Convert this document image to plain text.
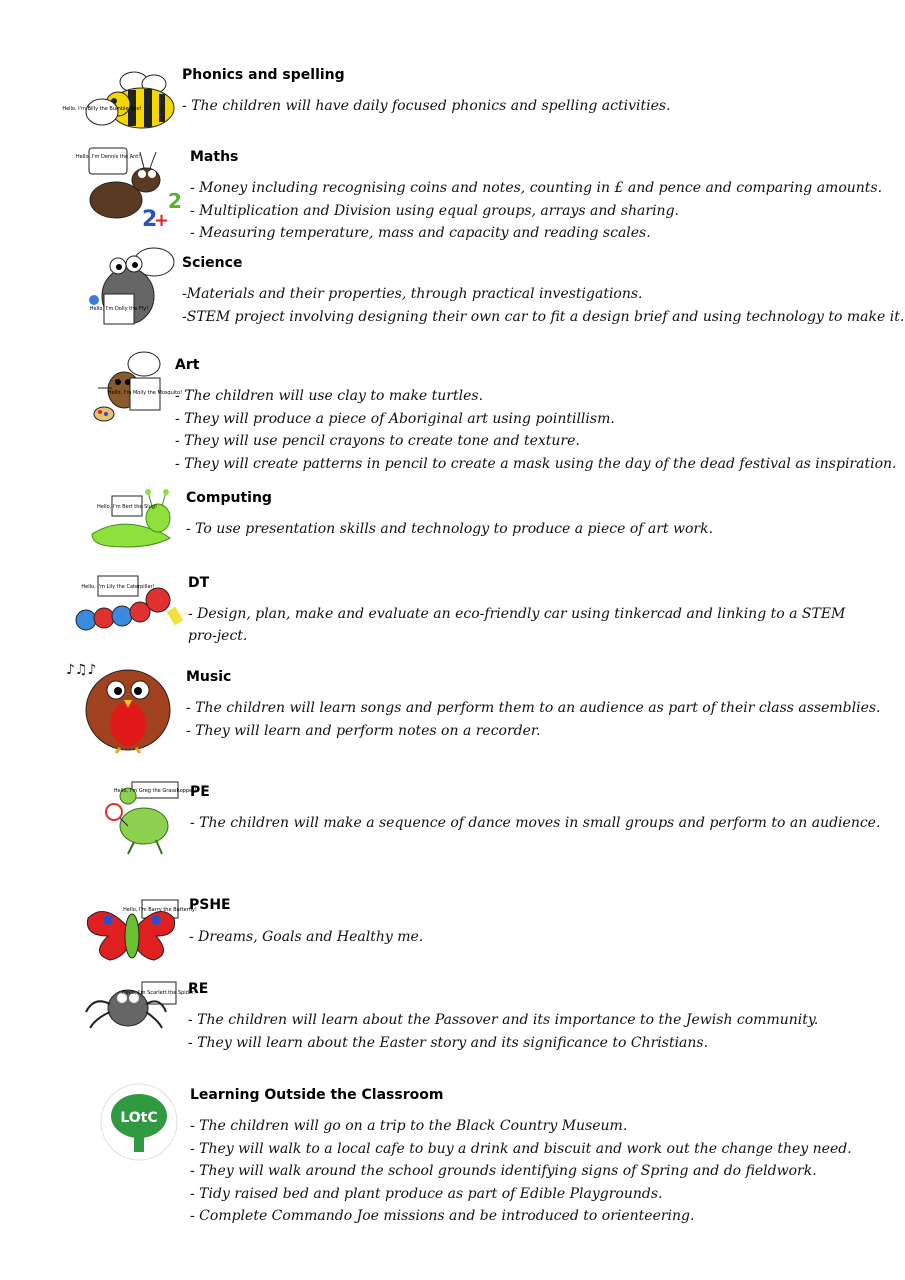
Hello, I'm Billy the Bumble Bee!
Phonics and spelling
- The children will have daily focused phonics and spelling activities.
2
+
2
Hello, I'm Dennis the Ant!	Maths
- Money including recognising coins and notes, counting in £ and pence and comparing amounts.
- Multiplication and Division using equal groups, arrays and sharing.
- Measuring temperature, mass and capacity and reading scales.
Hello, I'm Dolly the Fly!
Science
-Materials and their properties, through practical investigations.
-STEM project involving designing their own car to fit a design brief and using technology to make it.
Hello, I'm Molly the Mosquito!
Art
- The children will use clay to make turtles.
- They will produce a piece of Aboriginal art using pointillism.
- They will use pencil crayons to create tone and texture.
- They will create patterns in pencil to create a mask using the day of the dead festival as inspiration.
Hello, I'm Bert the Slug!
Computing
- To use presentation skills and technology to produce a piece of art work.
Hello, I'm Lily the Caterpillar! DT
- Design, plan, make and evaluate an eco-friendly car using tinkercad and linking to a STEM pro-ject.
♪♫♪	Music
- The children will learn songs and perform them to an audience as part of their class assemblies.
- They will learn and perform notes on a recorder.
Hello, I'm Greg the Grasshopper!
PE
- The children will make a sequence of dance moves in small groups and perform to an audience.
Hello, I'm Barry the Butterfly!
PSHE
- Dreams, Goals and Healthy me.
Hello, I'm Scarlett the Spider!
RE
- The children will learn about the Passover and its importance to the Jewish community.
- They will learn about the Easter story and its significance to Christians.
LOtC
Learning Outside the Classroom
- The children will go on a trip to the Black Country Museum.
- They will walk to a local cafe to buy a drink and biscuit and work out the change they need.
- They will walk around the school grounds identifying signs of Spring and do fieldwork.
- Tidy raised bed and plant produce as part of Edible Playgrounds.
- Complete Commando Joe missions and be introduced to orienteering.
